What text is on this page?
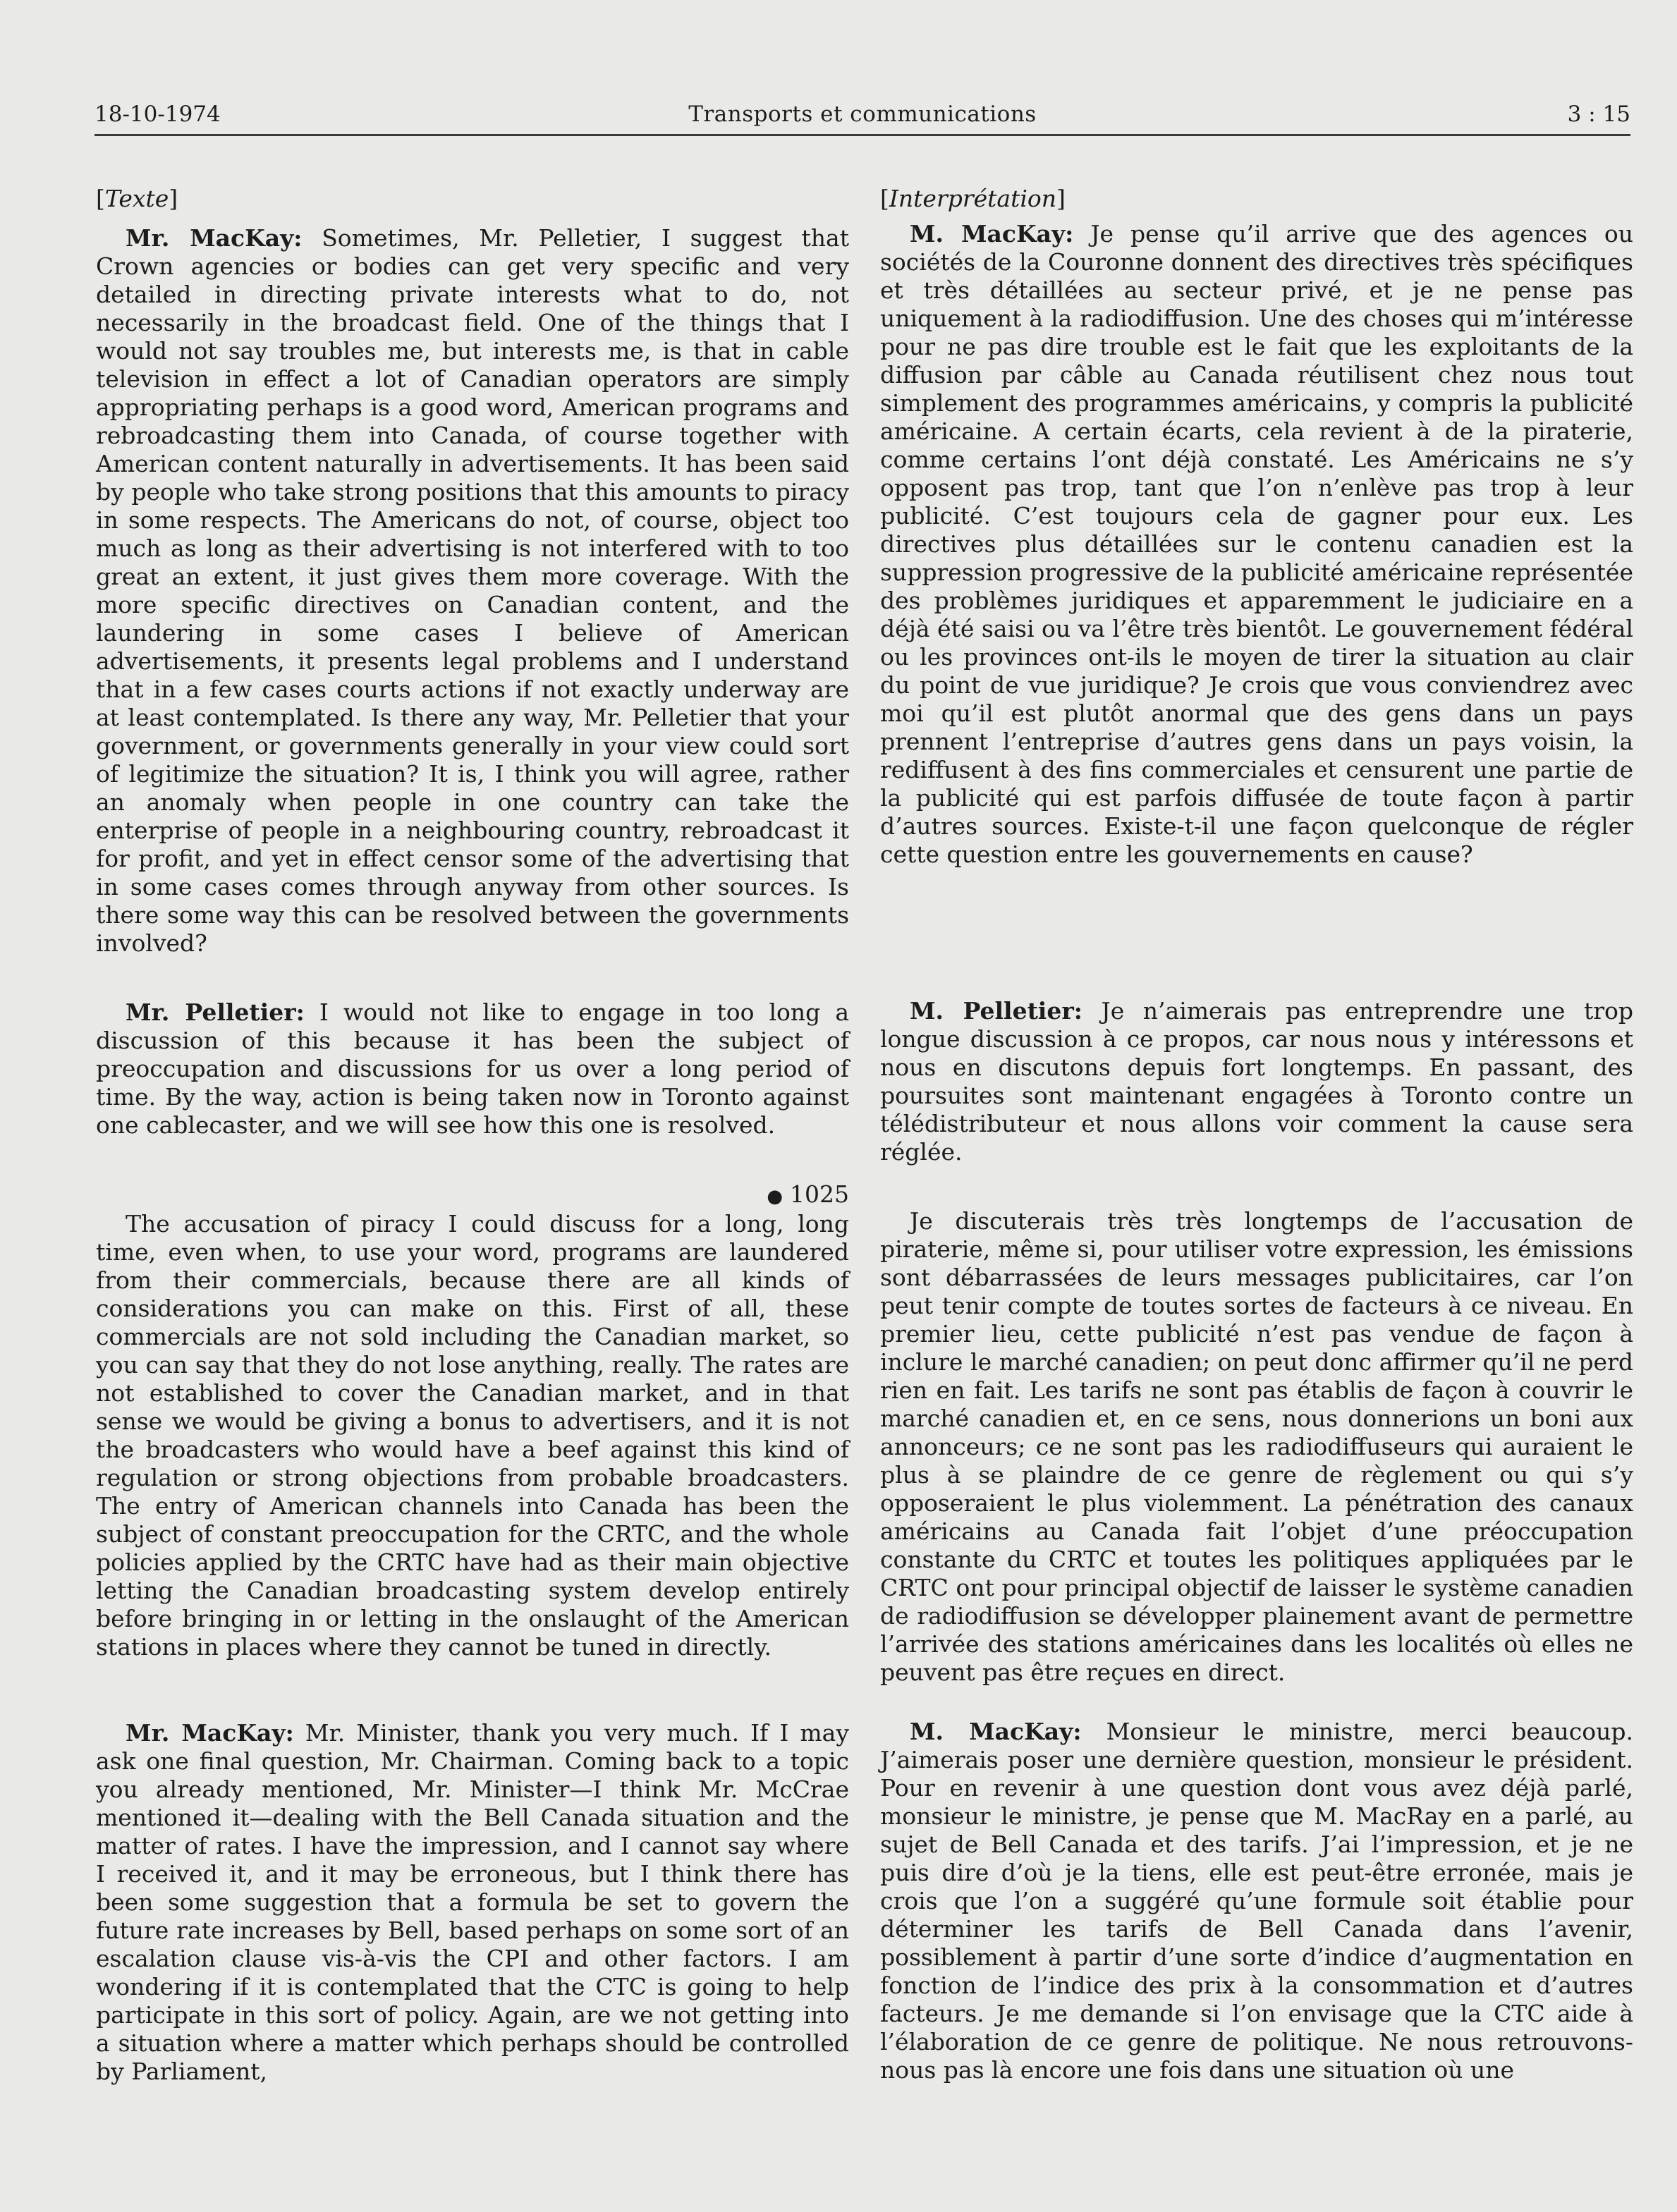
18-10-1974	Transports et communications	3 : 15
[Texte]

Mr. MacKay: Sometimes, Mr. Pelletier, I suggest that Crown agencies or bodies can get very specific and very detailed in directing private interests what to do, not necessarily in the broadcast field. One of the things that I would not say troubles me, but interests me, is that in cable television in effect a lot of Canadian operators are simply appropriating perhaps is a good word, American programs and rebroadcasting them into Canada, of course together with American content naturally in advertisements. It has been said by people who take strong positions that this amounts to piracy in some respects. The Americans do not, of course, object too much as long as their advertising is not interfered with to too great an extent, it just gives them more coverage. With the more specific directives on Canadian content, and the laundering in some cases I believe of American advertisements, it presents legal problems and I understand that in a few cases courts actions if not exactly underway are at least contemplated. Is there any way, Mr. Pelletier that your government, or governments generally in your view could sort of legitimize the situation? It is, I think you will agree, rather an anomaly when people in one country can take the enterprise of people in a neighbouring country, rebroadcast it for profit, and yet in effect censor some of the advertising that in some cases comes through anyway from other sources. Is there some way this can be resolved between the governments involved?

Mr. Pelletier: I would not like to engage in too long a discussion of this because it has been the subject of preoccupation and discussions for us over a long period of time. By the way, action is being taken now in Toronto against one cablecaster, and we will see how this one is resolved.

● 1025

The accusation of piracy I could discuss for a long, long time, even when, to use your word, programs are laundered from their commercials, because there are all kinds of considerations you can make on this. First of all, these commercials are not sold including the Canadian market, so you can say that they do not lose anything, really. The rates are not established to cover the Canadian market, and in that sense we would be giving a bonus to advertisers, and it is not the broadcasters who would have a beef against this kind of regulation or strong objections from probable broadcasters. The entry of American channels into Canada has been the subject of constant preoccupation for the CRTC, and the whole policies applied by the CRTC have had as their main objective letting the Canadian broadcasting system develop entirely before bringing in or letting in the onslaught of the American stations in places where they cannot be tuned in directly.

Mr. MacKay: Mr. Minister, thank you very much. If I may ask one final question, Mr. Chairman. Coming back to a topic you already mentioned, Mr. Minister—I think Mr. McCrae mentioned it—dealing with the Bell Canada situation and the matter of rates. I have the impression, and I cannot say where I received it, and it may be erroneous, but I think there has been some suggestion that a formula be set to govern the future rate increases by Bell, based perhaps on some sort of an escalation clause vis-à-vis the CPI and other factors. I am wondering if it is contemplated that the CTC is going to help participate in this sort of policy. Again, are we not getting into a situation where a matter which perhaps should be controlled by Parliament,

[Interprétation]

M. MacKay: Je pense qu’il arrive que des agences ou sociétés de la Couronne donnent des directives très spécifiques et très détaillées au secteur privé, et je ne pense pas uniquement à la radiodiffusion. Une des choses qui m’intéresse pour ne pas dire trouble est le fait que les exploitants de la diffusion par câble au Canada réutilisent chez nous tout simplement des programmes américains, y compris la publicité américaine. A certain écarts, cela revient à de la piraterie, comme certains l’ont déjà constaté. Les Américains ne s’y opposent pas trop, tant que l’on n’enlève pas trop à leur publicité. C’est toujours cela de gagner pour eux. Les directives plus détaillées sur le contenu canadien est la suppression progressive de la publicité américaine représentée des problèmes juridiques et apparemment le judiciaire en a déjà été saisi ou va l’être très bientôt. Le gouvernement fédéral ou les provinces ont-ils le moyen de tirer la situation au clair du point de vue juridique? Je crois que vous conviendrez avec moi qu’il est plutôt anormal que des gens dans un pays prennent l’entreprise d’autres gens dans un pays voisin, la rediffusent à des fins commerciales et censurent une partie de la publicité qui est parfois diffusée de toute façon à partir d’autres sources. Existe-t-il une façon quelconque de régler cette question entre les gouvernements en cause?

M. Pelletier: Je n’aimerais pas entreprendre une trop longue discussion à ce propos, car nous nous y intéressons et nous en discutons depuis fort longtemps. En passant, des poursuites sont maintenant engagées à Toronto contre un télédistributeur et nous allons voir comment la cause sera réglée.

Je discuterais très très longtemps de l’accusation de piraterie, même si, pour utiliser votre expression, les émissions sont débarrassées de leurs messages publicitaires, car l’on peut tenir compte de toutes sortes de facteurs à ce niveau. En premier lieu, cette publicité n’est pas vendue de façon à inclure le marché canadien; on peut donc affirmer qu’il ne perd rien en fait. Les tarifs ne sont pas établis de façon à couvrir le marché canadien et, en ce sens, nous donnerions un boni aux annonceurs; ce ne sont pas les radiodiffuseurs qui auraient le plus à se plaindre de ce genre de règlement ou qui s’y opposeraient le plus violemment. La pénétration des canaux américains au Canada fait l’objet d’une préoccupation constante du CRTC et toutes les politiques appliquées par le CRTC ont pour principal objectif de laisser le système canadien de radiodiffusion se développer plainement avant de permettre l’arrivée des stations américaines dans les localités où elles ne peuvent pas être reçues en direct.

M. MacKay: Monsieur le ministre, merci beaucoup. J’aimerais poser une dernière question, monsieur le président. Pour en revenir à une question dont vous avez déjà parlé, monsieur le ministre, je pense que M. MacRay en a parlé, au sujet de Bell Canada et des tarifs. J’ai l’impression, et je ne puis dire d’où je la tiens, elle est peut-être erronée, mais je crois que l’on a suggéré qu’une formule soit établie pour déterminer les tarifs de Bell Canada dans l’avenir, possiblement à partir d’une sorte d’indice d’augmentation en fonction de l’indice des prix à la consommation et d’autres facteurs. Je me demande si l’on envisage que la CTC aide à l’élaboration de ce genre de politique. Ne nous retrouvons-nous pas là encore une fois dans une situation où une
